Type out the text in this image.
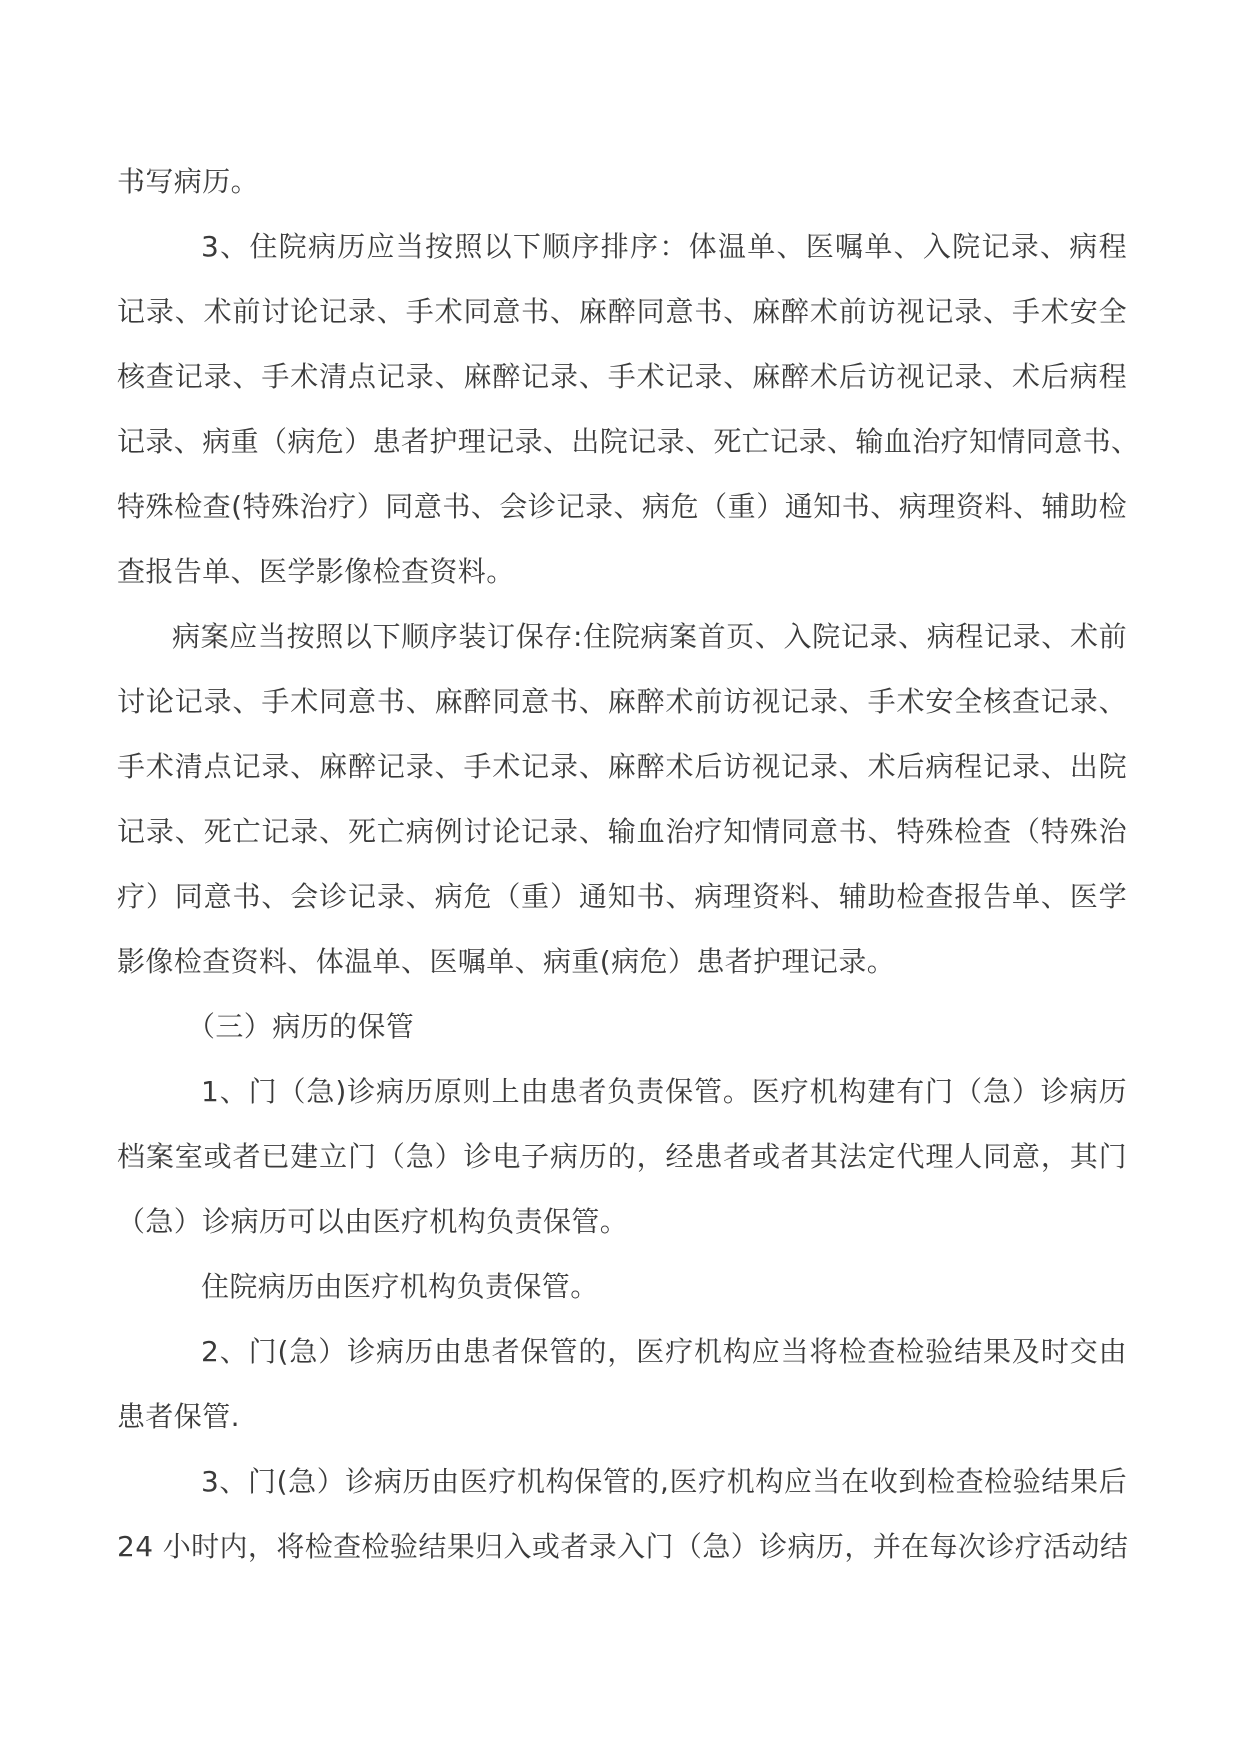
书写病历。
3、住院病历应当按照以下顺序排序：体温单、医嘱单、入院记录、病程
记录、术前讨论记录、手术同意书、麻醉同意书、麻醉术前访视记录、手术安全
核查记录、手术清点记录、麻醉记录、手术记录、麻醉术后访视记录、术后病程
记录、病重（病危）患者护理记录、出院记录、死亡记录、输血治疗知情同意书、
特殊检查(特殊治疗）同意书、会诊记录、病危（重）通知书、病理资料、辅助检
查报告单、医学影像检查资料。
病案应当按照以下顺序装订保存:住院病案首页、入院记录、病程记录、术前
讨论记录、手术同意书、麻醉同意书、麻醉术前访视记录、手术安全核查记录、
手术清点记录、麻醉记录、手术记录、麻醉术后访视记录、术后病程记录、出院
记录、死亡记录、死亡病例讨论记录、输血治疗知情同意书、特殊检查（特殊治
疗）同意书、会诊记录、病危（重）通知书、病理资料、辅助检查报告单、医学
影像检查资料、体温单、医嘱单、病重(病危）患者护理记录。
（三）病历的保管
1、门（急)诊病历原则上由患者负责保管。医疗机构建有门（急）诊病历
档案室或者已建立门（急）诊电子病历的，经患者或者其法定代理人同意，其门
（急）诊病历可以由医疗机构负责保管。
住院病历由医疗机构负责保管。
2、门(急）诊病历由患者保管的，医疗机构应当将检查检验结果及时交由
患者保管.
3、门(急）诊病历由医疗机构保管的,医疗机构应当在收到检查检验结果后
24 小时内，将检查检验结果归入或者录入门（急）诊病历，并在每次诊疗活动结
